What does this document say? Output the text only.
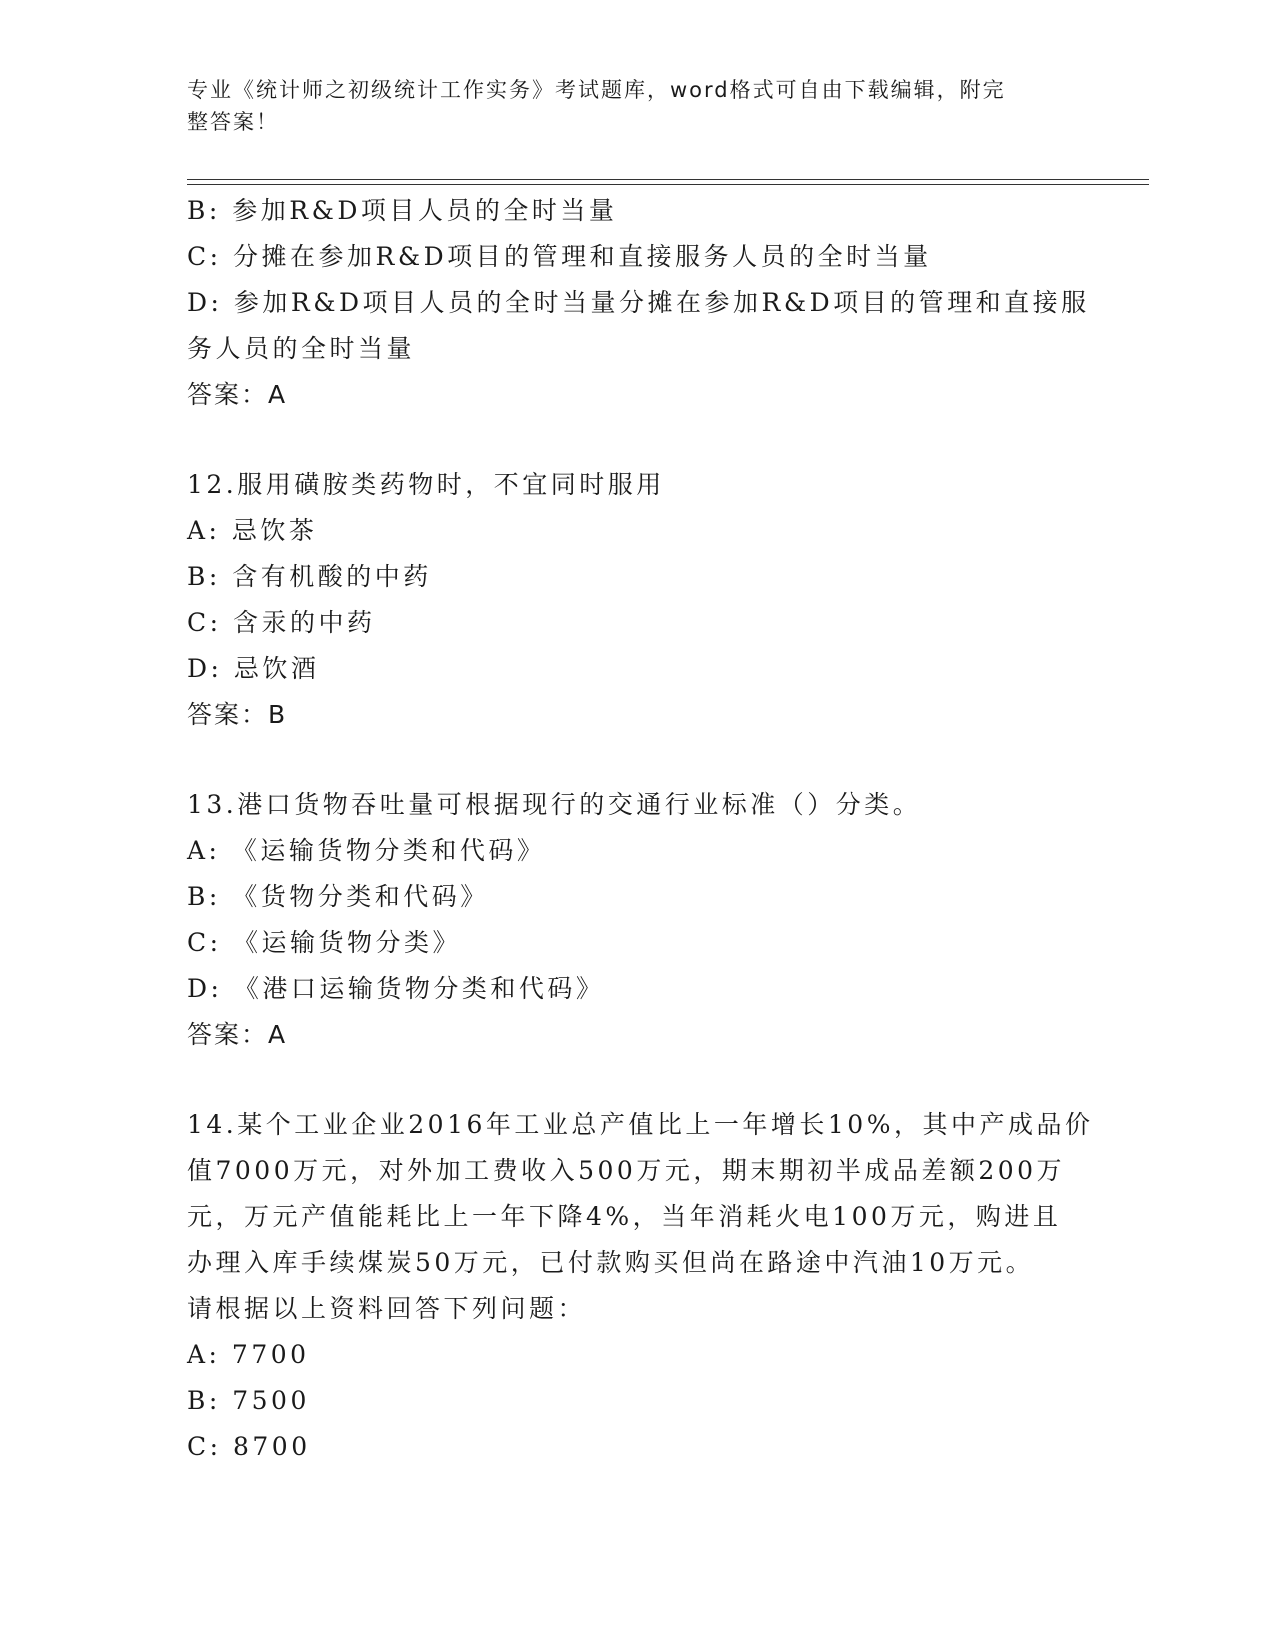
专业《统计师之初级统计工作实务》考试题库，word格式可自由下载编辑，附完
整答案！
B: 参加R&D项目人员的全时当量
C: 分摊在参加R&D项目的管理和直接服务人员的全时当量
D: 参加R&D项目人员的全时当量分摊在参加R&D项目的管理和直接服
务人员的全时当量
答案：A
12.服用磺胺类药物时，不宜同时服用
A: 忌饮茶
B: 含有机酸的中药
C: 含汞的中药
D: 忌饮酒
答案：B
13.港口货物吞吐量可根据现行的交通行业标准（）分类。
A: 《运输货物分类和代码》
B: 《货物分类和代码》
C: 《运输货物分类》
D: 《港口运输货物分类和代码》
答案：A
14.某个工业企业2016年工业总产值比上一年增长10%，其中产成品价
值7000万元，对外加工费收入500万元，期末期初半成品差额200万
元，万元产值能耗比上一年下降4%，当年消耗火电100万元，购进且
办理入库手续煤炭50万元，已付款购买但尚在路途中汽油10万元。
请根据以上资料回答下列问题：
A: 7700
B: 7500
C: 8700
